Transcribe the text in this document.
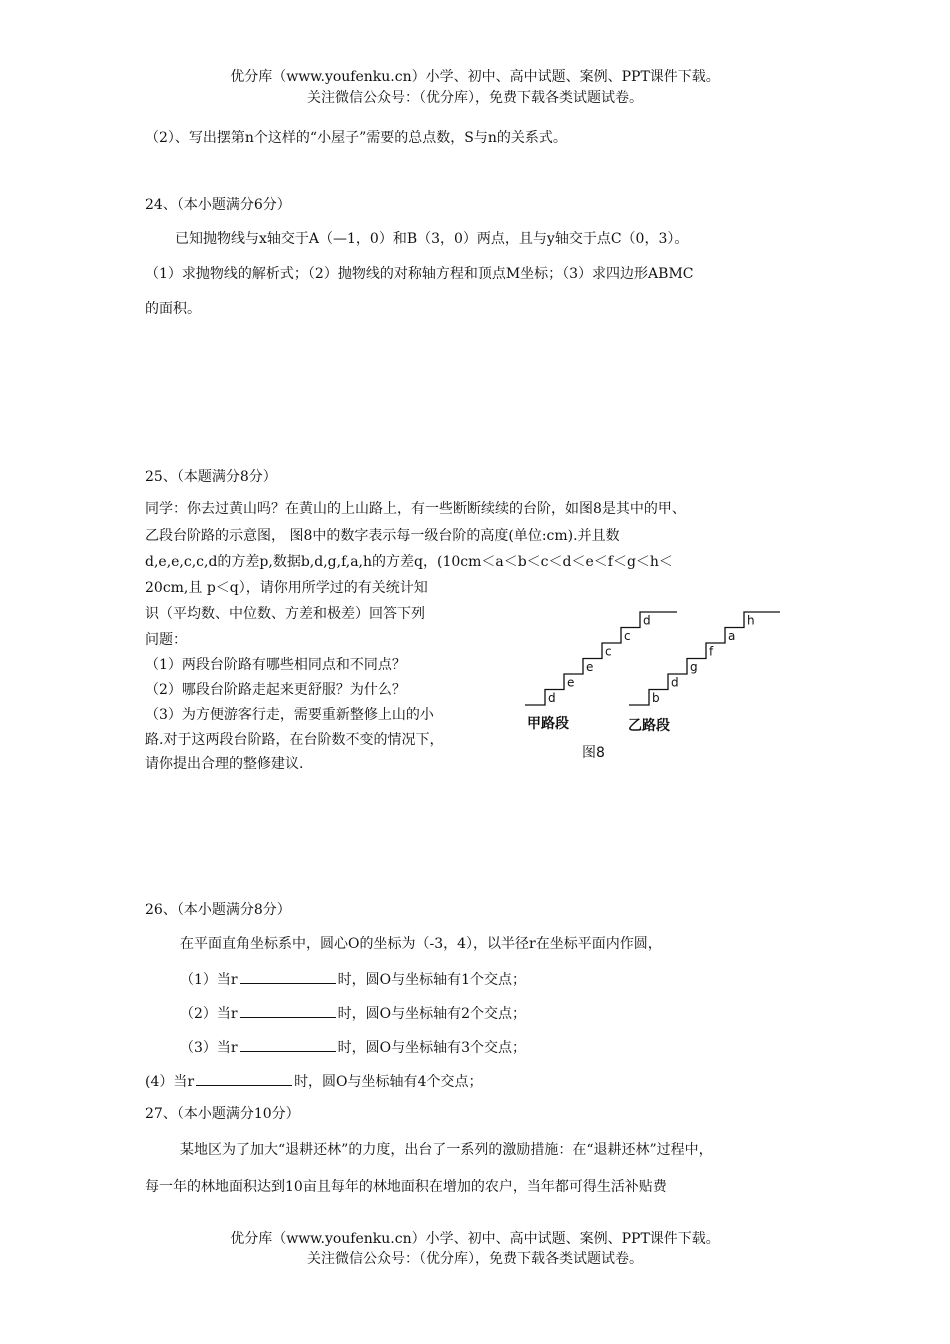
优分库（www.youfenku.cn）小学、初中、高中试题、案例、PPT课件下载。
关注微信公众号：（优分库），免费下载各类试题试卷。
（2）、写出摆第n个这样的“小屋子”需要的总点数，S与n的关系式。
24、（本小题满分6分）
已知抛物线与x轴交于A（—1，0）和B（3，0）两点，且与y轴交于点C（0，3）。
（1）求抛物线的解析式；（2）抛物线的对称轴方程和顶点M坐标；（3）求四边形ABMC
的面积。
25、（本题满分8分）
同学：你去过黄山吗？在黄山的上山路上，有一些断断续续的台阶，如图8是其中的甲、
乙段台阶路的示意图， 图8中的数字表示每一级台阶的高度(单位:cm).并且数
d,e,e,c,c,d的方差p,数据b,d,g,f,a,h的方差q，(10cm＜a＜b＜c＜d＜e＜f＜g＜h＜
20cm,且 p＜q），请你用所学过的有关统计知
识（平均数、中位数、方差和极差）回答下列
问题：
（1）两段台阶路有哪些相同点和不同点？
（2）哪段台阶路走起来更舒服？为什么？
（3）为方便游客行走，需要重新整修上山的小
路.对于这两段台阶路，在台阶数不变的情况下，
请你提出合理的整修建议.
d
e
e
c
c
d
b
d
g
f
a
h
甲路段	乙路段
图8
26、（本小题满分8分）
在平面直角坐标系中，圆心O的坐标为（-3，4），以半径r在坐标平面内作圆，
（1）当r	时，圆O与坐标轴有1个交点；
（2）当r	时，圆O与坐标轴有2个交点；
（3）当r	时，圆O与坐标轴有3个交点；
(4）当r	时，圆O与坐标轴有4个交点；
27、（本小题满分10分）
某地区为了加大“退耕还林”的力度，出台了一系列的激励措施：在“退耕还林”过程中，
每一年的林地面积达到10亩且每年的林地面积在增加的农户，当年都可得生活补贴费
优分库（www.youfenku.cn）小学、初中、高中试题、案例、PPT课件下载。
关注微信公众号：（优分库），免费下载各类试题试卷。
